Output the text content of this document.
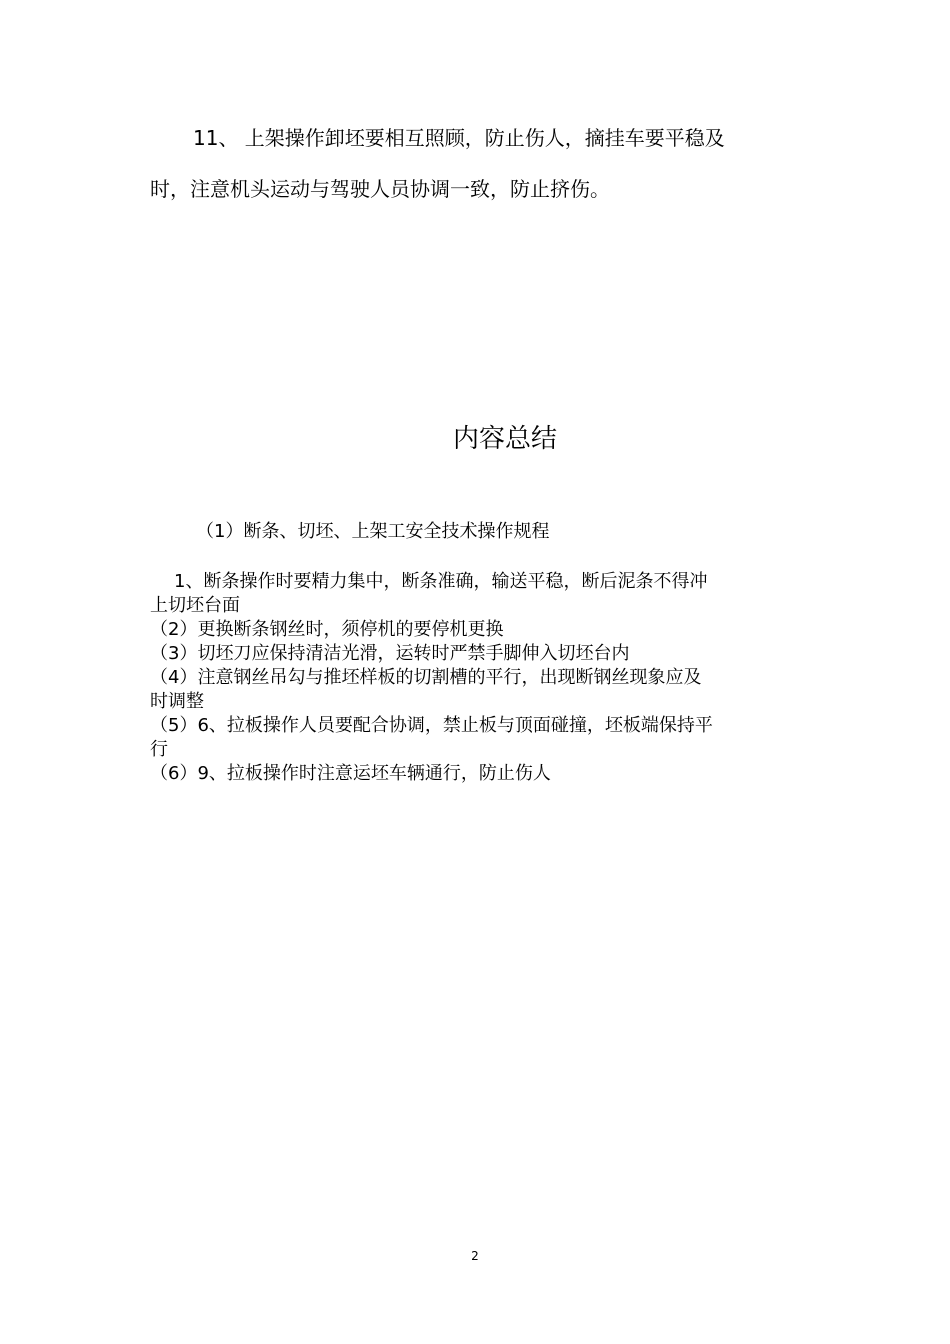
11、 上架操作卸坯要相互照顾，防止伤人，摘挂车要平稳及

时，注意机头运动与驾驶人员协调一致，防止挤伤。

内容总结

（1）断条、切坯、上架工安全技术操作规程

1、断条操作时要精力集中，断条准确，输送平稳，断后泥条不得冲
上切坯台面
（2）更换断条钢丝时，须停机的要停机更换
（3）切坯刀应保持清洁光滑，运转时严禁手脚伸入切坯台内
（4）注意钢丝吊勾与推坯样板的切割槽的平行，出现断钢丝现象应及
时调整
（5）6、拉板操作人员要配合协调，禁止板与顶面碰撞，坯板端保持平
行
（6）9、拉板操作时注意运坯车辆通行，防止伤人

2
